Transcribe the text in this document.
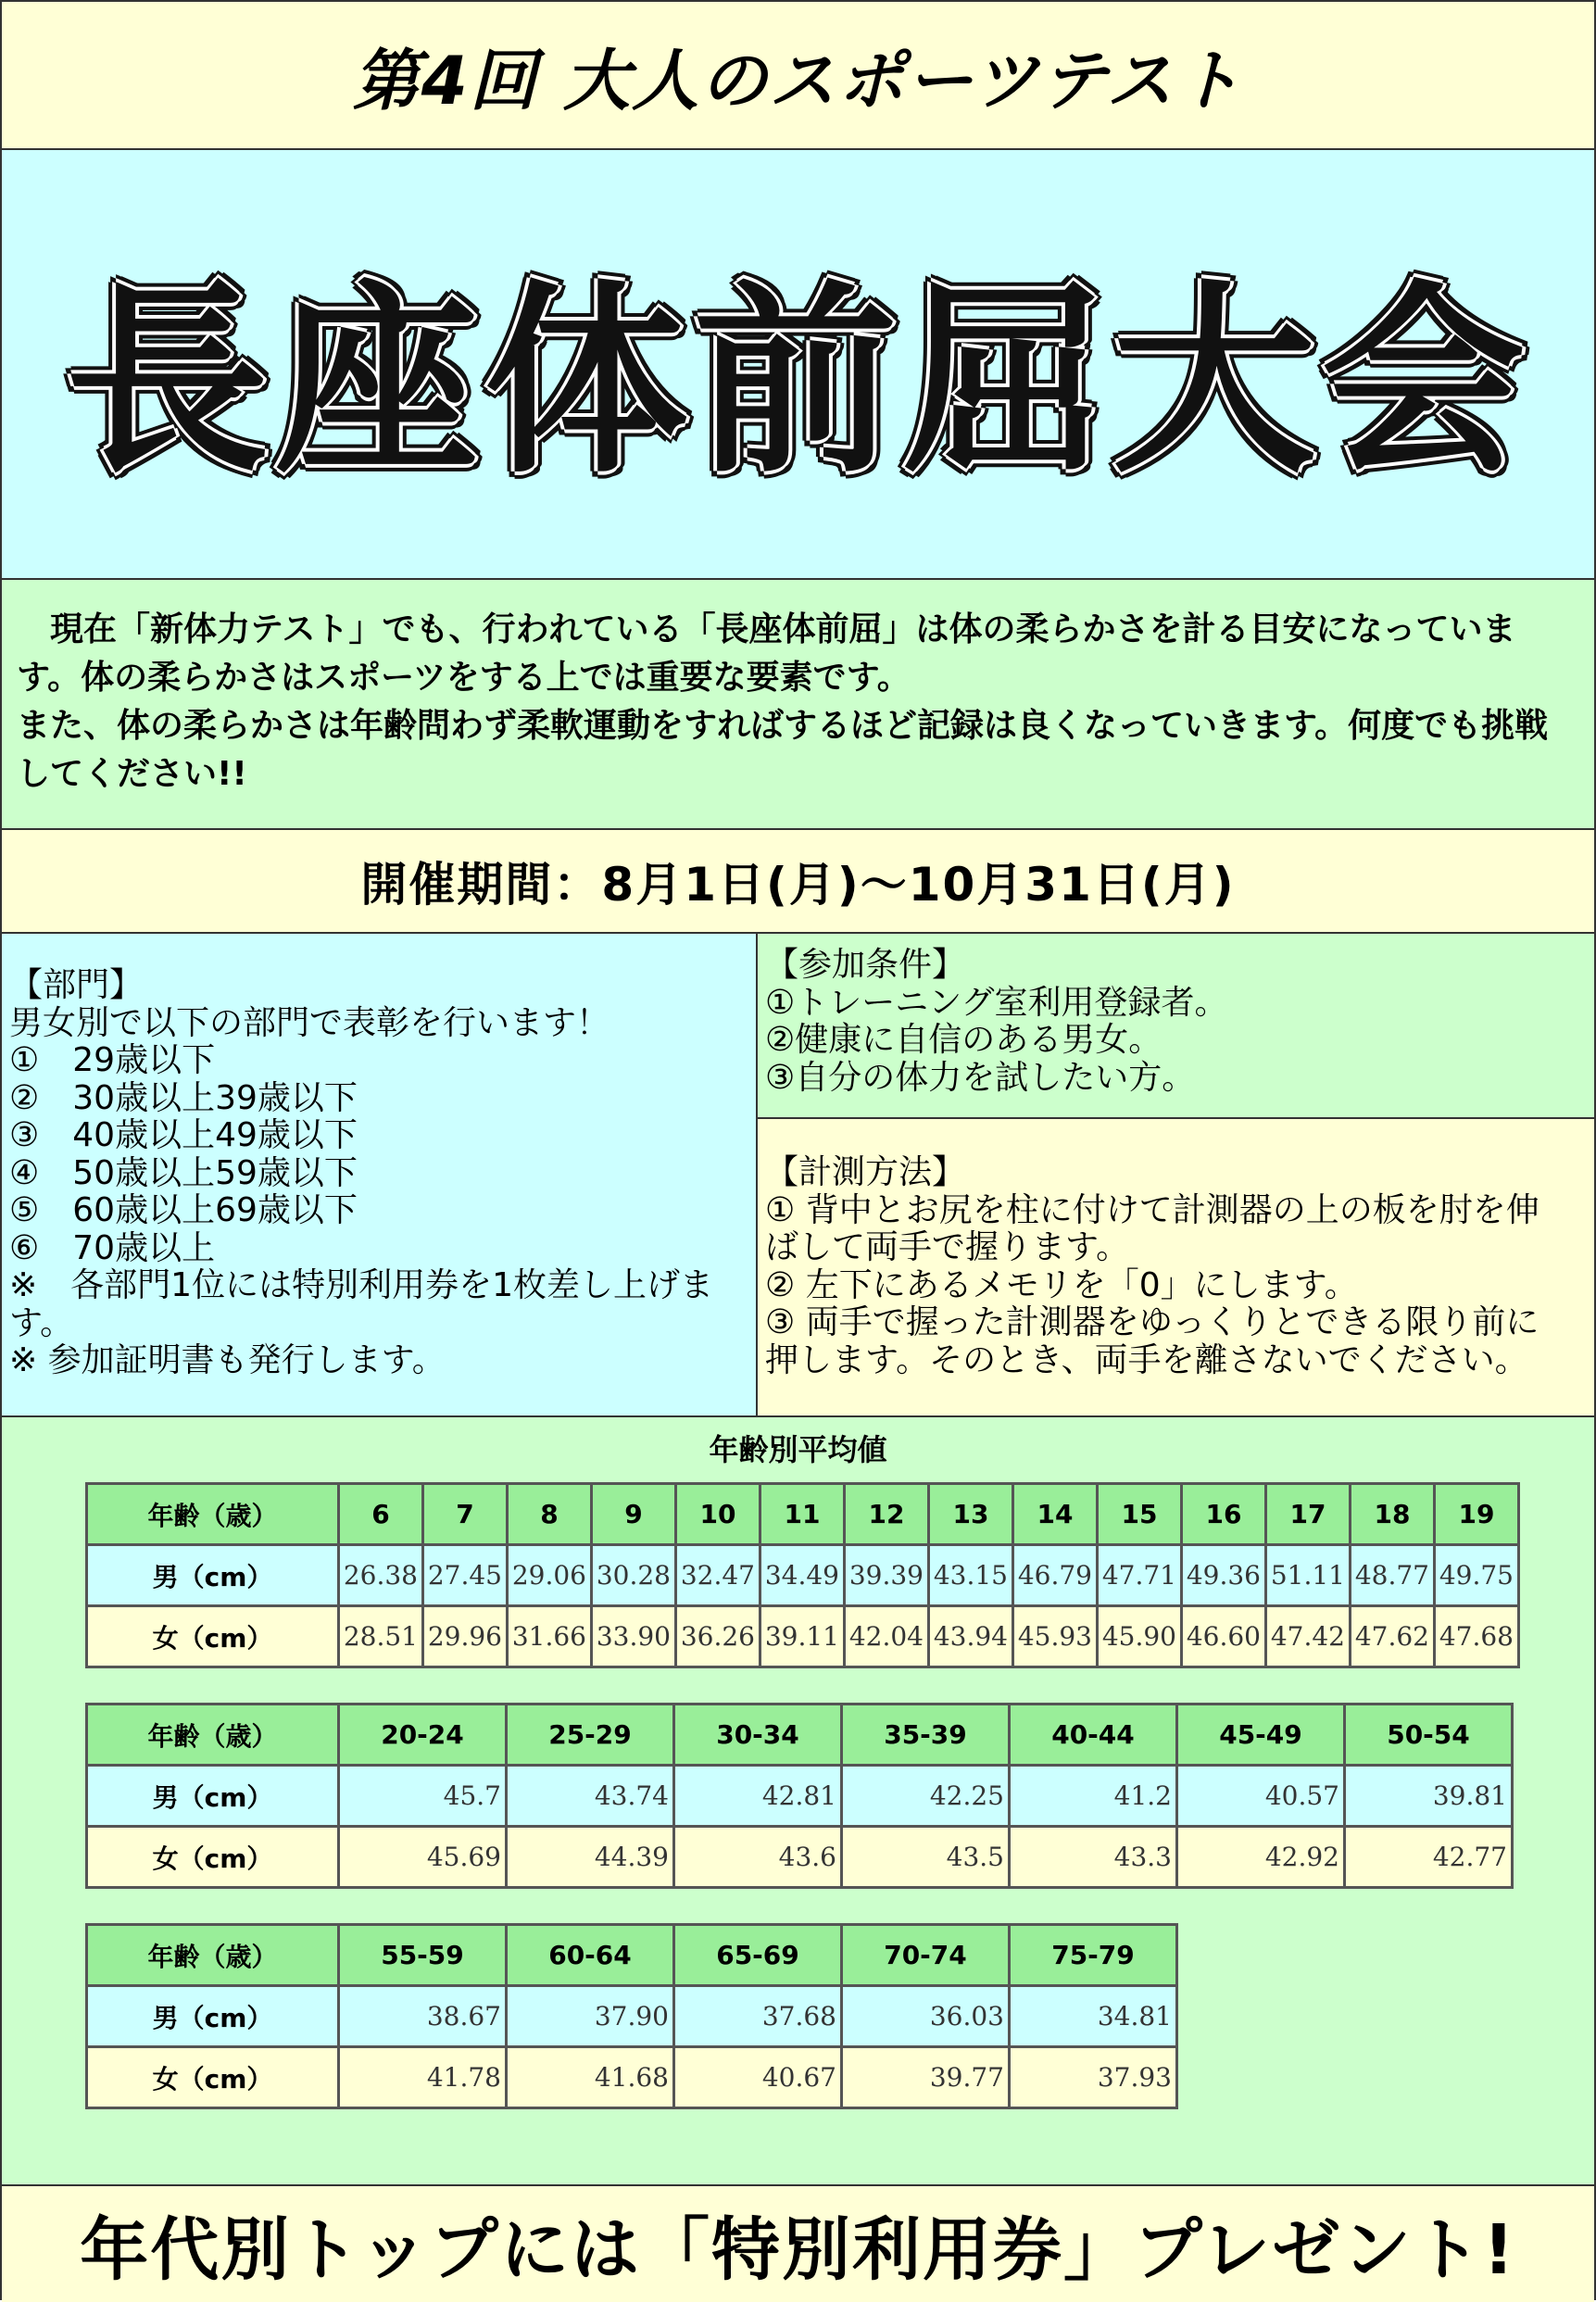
第4回 大人のスポーツテスト
長座体前屈大会

　現在「新体力テスト」でも、行われている「長座体前屈」は体の柔らかさを計る目安になっています。体の柔らかさはスポーツをする上では重要な要素です。

また、体の柔らかさは年齢問わず柔軟運動をすればするほど記録は良くなっていきます。何度でも挑戦してください!!

開催期間：8月1日(月)〜10月31日(月)
【部門】
男女別で以下の部門で表彰を行います！
①　29歳以下
②　30歳以上39歳以下
③　40歳以上49歳以下
④　50歳以上59歳以下
⑤　60歳以上69歳以下
⑥　70歳以上
※　各部門1位には特別利用券を1枚差し上げま
す。
※ 参加証明書も発行します。
【参加条件】
①トレーニング室利用登録者。
②健康に自信のある男女。
③自分の体力を試したい方。
【計測方法】
① 背中とお尻を柱に付けて計測器の上の板を肘を伸
ばして両手で握ります。
② 左下にあるメモリを「0」にします。
③ 両手で握った計測器をゆっくりとできる限り前に
押します。そのとき、両手を離さないでください。
年齢別平均値
年齢（歳）	6	7	8	9	10	11	12	13	14	15	16	17	18	19
男（cm）	26.38	27.45	29.06	30.28	32.47	34.49	39.39	43.15	46.79	47.71	49.36	51.11	48.77	49.75
女（cm）	28.51	29.96	31.66	33.90	36.26	39.11	42.04	43.94	45.93	45.90	46.60	47.42	47.62	47.68
年齢（歳）	20-24	25-29	30-34	35-39	40-44	45-49	50-54
男（cm）	45.7	43.74	42.81	42.25	41.2	40.57	39.81
女（cm）	45.69	44.39	43.6	43.5	43.3	42.92	42.77
年齢（歳）	55-59	60-64	65-69	70-74	75-79
男（cm）	38.67	37.90	37.68	36.03	34.81
女（cm）	41.78	41.68	40.67	39.77	37.93
年代別トップには「特別利用券」プレゼント!
